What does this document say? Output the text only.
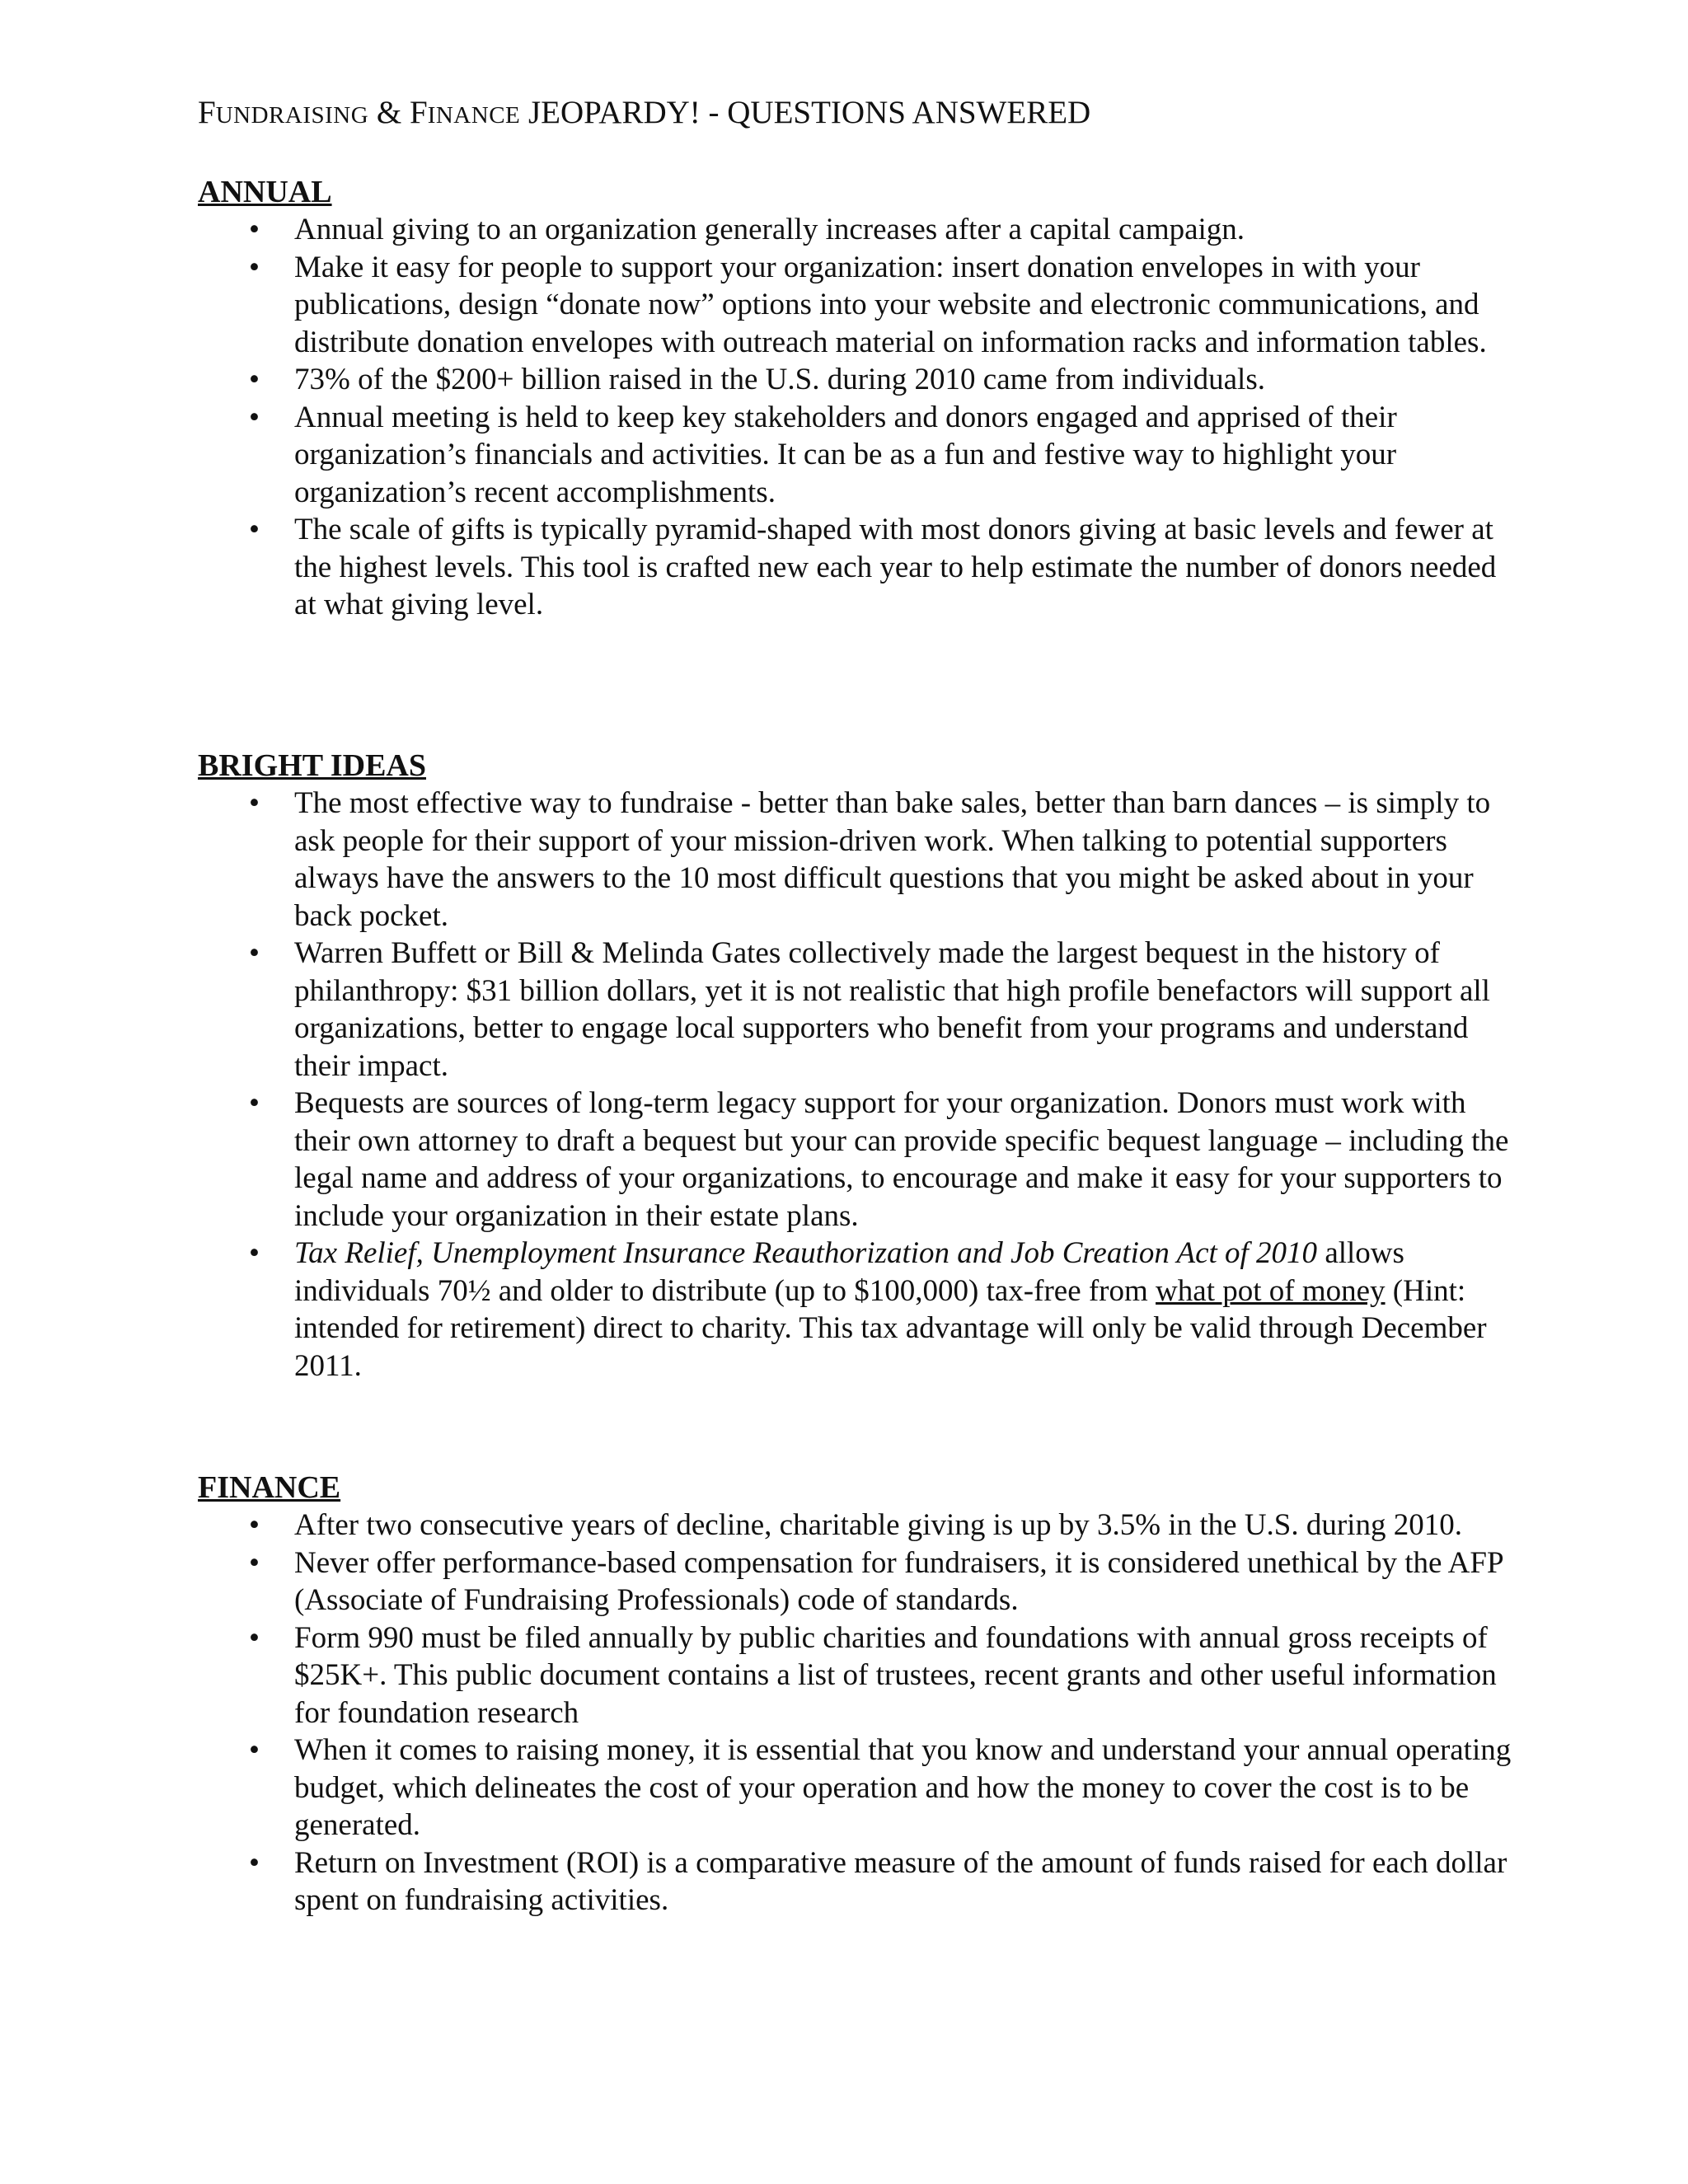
FUNDRAISING & FINANCE JEOPARDY! - QUESTIONS ANSWERED
ANNUAL
• Annual giving to an organization generally increases after a capital campaign.
• Make it easy for people to support your organization: insert donation envelopes in with your publications, design “donate now” options into your website and electronic communications, and distribute donation envelopes with outreach material on information racks and information tables.
• 73% of the $200+ billion raised in the U.S. during 2010 came from individuals.
• Annual meeting is held to keep key stakeholders and donors engaged and apprised of their organization’s financials and activities. It can be as a fun and festive way to highlight your organization’s recent accomplishments.
• The scale of gifts is typically pyramid-shaped with most donors giving at basic levels and fewer at the highest levels. This tool is crafted new each year to help estimate the number of donors needed at what giving level.
BRIGHT IDEAS
• The most effective way to fundraise - better than bake sales, better than barn dances – is simply to ask people for their support of your mission-driven work. When talking to potential supporters always have the answers to the 10 most difficult questions that you might be asked about in your back pocket.
• Warren Buffett or Bill & Melinda Gates collectively made the largest bequest in the history of philanthropy: $31 billion dollars, yet it is not realistic that high profile benefactors will support all organizations, better to engage local supporters who benefit from your programs and understand their impact.
• Bequests are sources of long-term legacy support for your organization. Donors must work with their own attorney to draft a bequest but your can provide specific bequest language – including the legal name and address of your organizations, to encourage and make it easy for your supporters to include your organization in their estate plans.
• Tax Relief, Unemployment Insurance Reauthorization and Job Creation Act of 2010 allows individuals 70½ and older to distribute (up to $100,000) tax-free from what pot of money (Hint: intended for retirement) direct to charity. This tax advantage will only be valid through December 2011.
FINANCE
• After two consecutive years of decline, charitable giving is up by 3.5% in the U.S. during 2010.
• Never offer performance-based compensation for fundraisers, it is considered unethical by the AFP (Associate of Fundraising Professionals) code of standards.
• Form 990 must be filed annually by public charities and foundations with annual gross receipts of $25K+. This public document contains a list of trustees, recent grants and other useful information for foundation research
• When it comes to raising money, it is essential that you know and understand your annual operating budget, which delineates the cost of your operation and how the money to cover the cost is to be generated.
• Return on Investment (ROI) is a comparative measure of the amount of funds raised for each dollar spent on fundraising activities.
